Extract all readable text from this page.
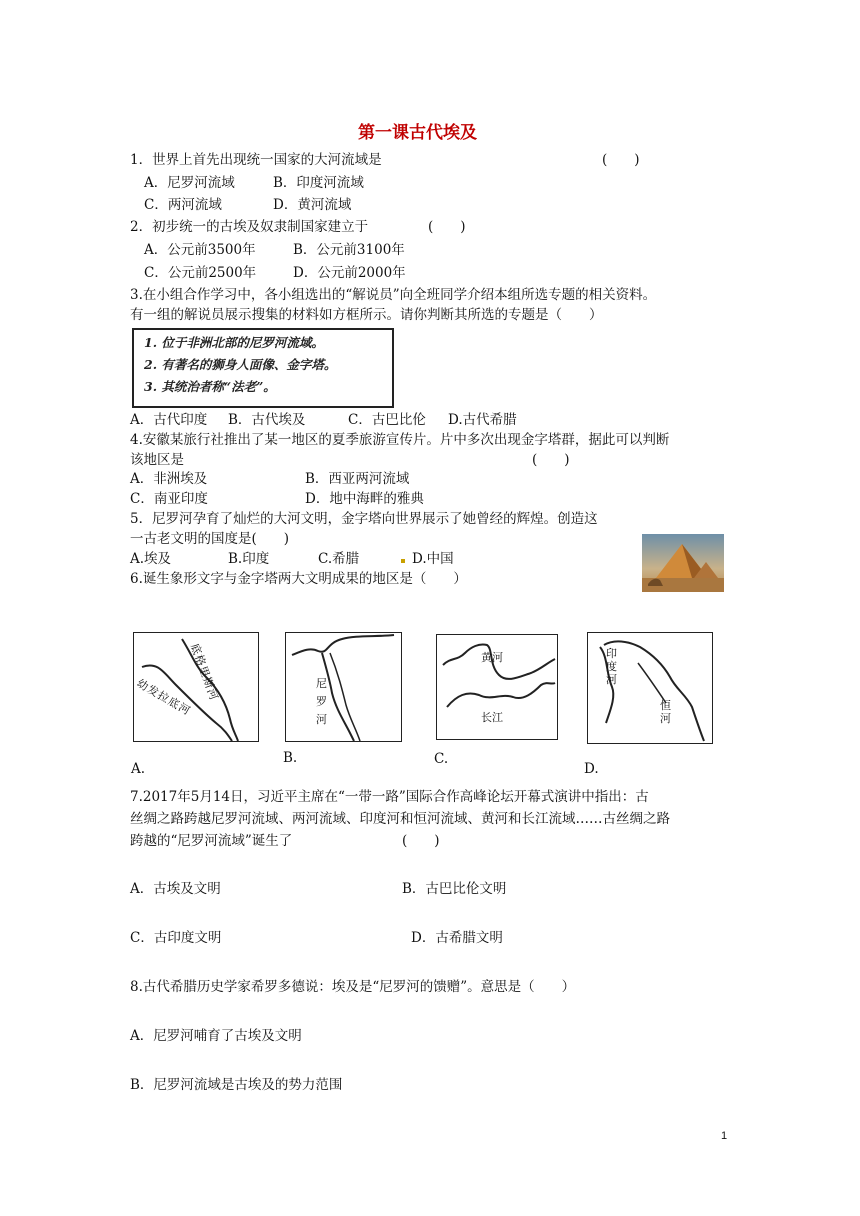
第一课古代埃及
1．世界上首先出现统一国家的大河流域是	(　　)
A．尼罗河流域	B．印度河流域
C．两河流域	D．黄河流域
2．初步统一的古埃及奴隶制国家建立于	(　　)
A．公元前3500年	B．公元前3100年
C．公元前2500年	D．公元前2000年
3.在小组合作学习中，各小组选出的“解说员”向全班同学介绍本组所选专题的相关资料。
有一组的解说员展示搜集的材料如方框所示。请你判断其所选的专题是（　　）
1. 位于非洲北部的尼罗河流域。
2. 有著名的狮身人面像、金字塔。
3. 其统治者称“法老”。
A．古代印度 B．古代埃及	C．古巴比伦 D.古代希腊
4.安徽某旅行社推出了某一地区的夏季旅游宣传片。片中多次出现金字塔群，据此可以判断
该地区是	(　　)
A．非洲埃及	B．西亚两河流域
C．南亚印度	D．地中海畔的雅典
5．尼罗河孕育了灿烂的大河文明，金字塔向世界展示了她曾经的辉煌。创造这
一古老文明的国度是(　　)
A.埃及	B.印度	C.希腊	D.中国
6.诞生象形文字与金字塔两大文明成果的地区是（　　）
幼发拉底河
底格里斯河
A.
尼
罗
河
B.
黄河
长江
C.
印度河
恒河
D.
7.2017年5月14日，习近平主席在“一带一路”国际合作高峰论坛开幕式演讲中指出：古
丝绸之路跨越尼罗河流域、两河流域、印度河和恒河流域、黄河和长江流域……古丝绸之路
跨越的“尼罗河流域”诞生了	(　　)
A．古埃及文明	B．古巴比伦文明
C．古印度文明	D．古希腊文明
8.古代希腊历史学家希罗多德说：埃及是“尼罗河的馈赠”。意思是（　　）
A．尼罗河哺育了古埃及文明
B．尼罗河流域是古埃及的势力范围
1
